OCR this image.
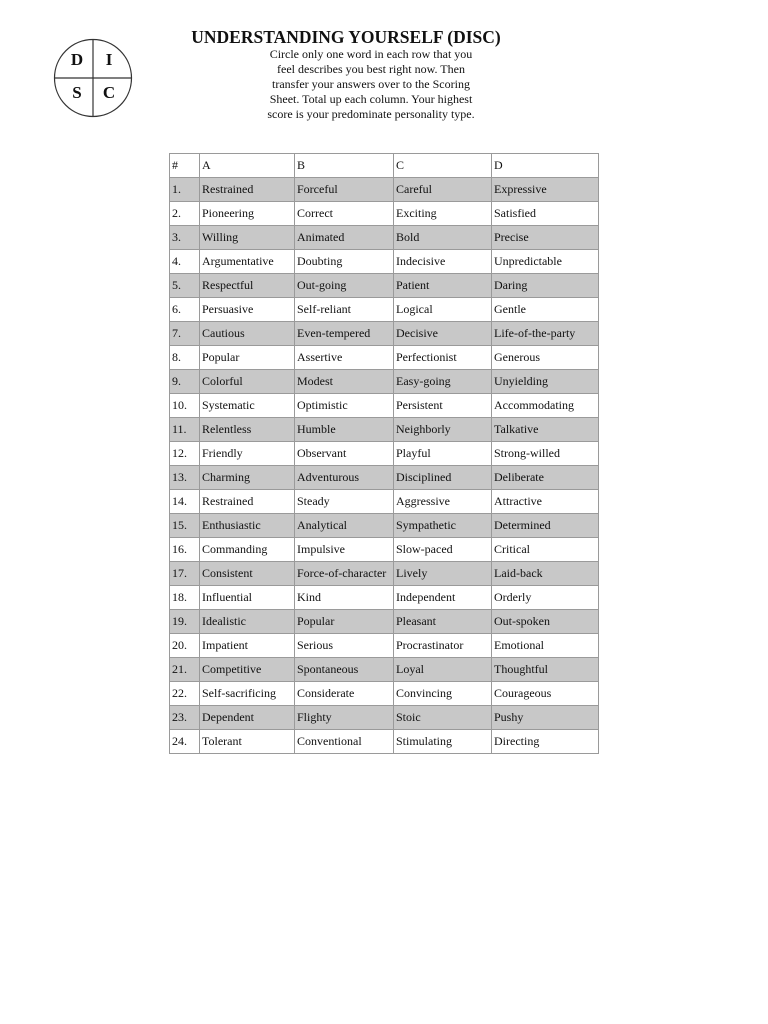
D I
S C
UNDERSTANDING YOURSELF (DISC)

Circle only one word in each row that you feel describes you best right now. Then transfer your answers over to the Scoring Sheet. Total up each column. Your highest score is your predominate personality type.

#	A	B	C	D
1.	Restrained	Forceful	Careful	Expressive
2.	Pioneering	Correct	Exciting	Satisfied
3.	Willing	Animated	Bold	Precise
4.	Argumentative	Doubting	Indecisive	Unpredictable
5.	Respectful	Out-going	Patient	Daring
6.	Persuasive	Self-reliant	Logical	Gentle
7.	Cautious	Even-tempered	Decisive	Life-of-the-party
8.	Popular	Assertive	Perfectionist	Generous
9.	Colorful	Modest	Easy-going	Unyielding
10.	Systematic	Optimistic	Persistent	Accommodating
11.	Relentless	Humble	Neighborly	Talkative
12.	Friendly	Observant	Playful	Strong-willed
13.	Charming	Adventurous	Disciplined	Deliberate
14.	Restrained	Steady	Aggressive	Attractive
15.	Enthusiastic	Analytical	Sympathetic	Determined
16.	Commanding	Impulsive	Slow-paced	Critical
17.	Consistent	Force-of-character	Lively	Laid-back
18.	Influential	Kind	Independent	Orderly
19.	Idealistic	Popular	Pleasant	Out-spoken
20.	Impatient	Serious	Procrastinator	Emotional
21.	Competitive	Spontaneous	Loyal	Thoughtful
22.	Self-sacrificing	Considerate	Convincing	Courageous
23.	Dependent	Flighty	Stoic	Pushy
24.	Tolerant	Conventional	Stimulating	Directing
